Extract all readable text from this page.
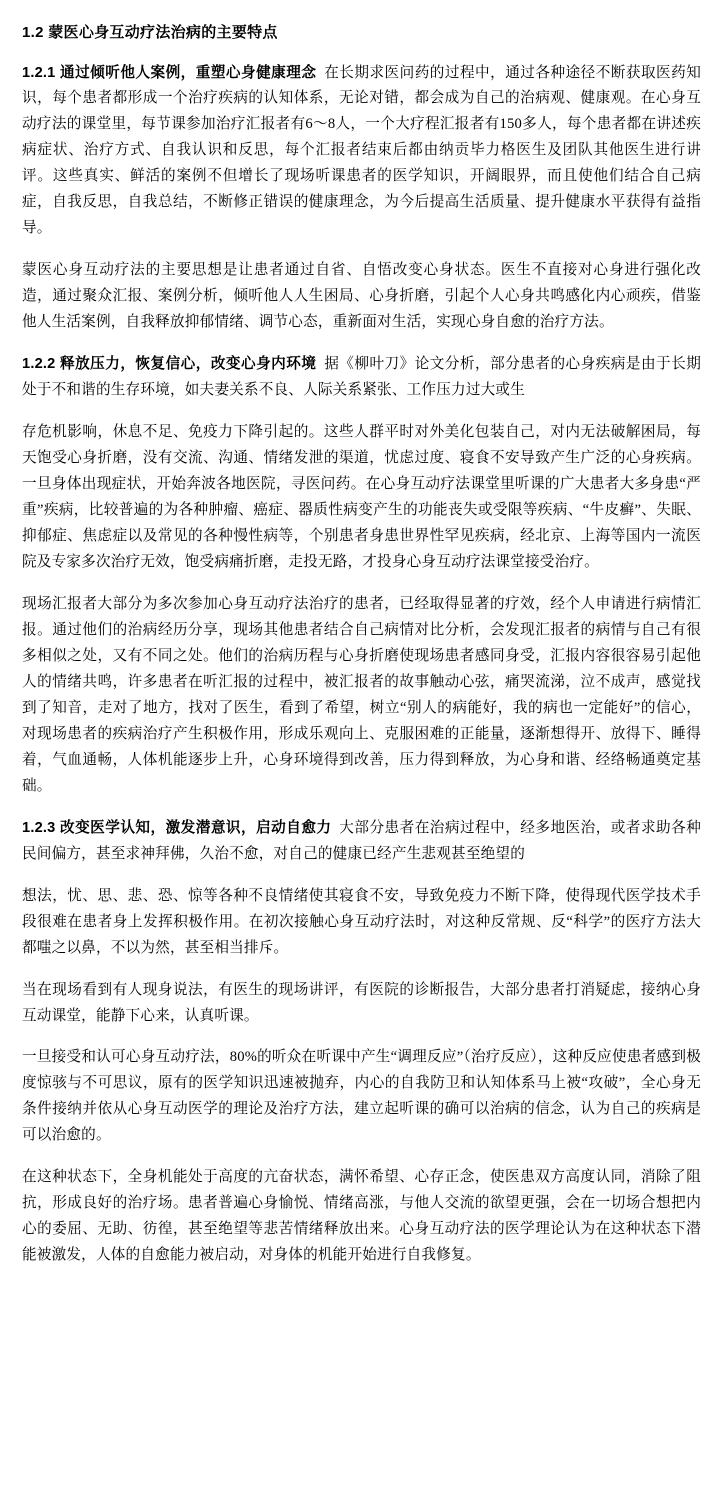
1.2 蒙医心身互动疗法治病的主要特点

1.2.1 通过倾听他人案例，重塑心身健康理念 在长期求医问药的过程中，通过各种途径不断获取医药知识，每个患者都形成一个治疗疾病的认知体系，无论对错，都会成为自己的治病观、健康观。在心身互动疗法的课堂里，每节课参加治疗汇报者有6～8人，一个大疗程汇报者有150多人，每个患者都在讲述疾病症状、治疗方式、自我认识和反思，每个汇报者结束后都由纳贡毕力格医生及团队其他医生进行讲评。这些真实、鲜活的案例不但增长了现场听课患者的医学知识，开阔眼界，而且使他们结合自己病症，自我反思，自我总结，不断修正错误的健康理念，为今后提高生活质量、提升健康水平获得有益指导。

蒙医心身互动疗法的主要思想是让患者通过自省、自悟改变心身状态。医生不直接对心身进行强化改造，通过聚众汇报、案例分析，倾听他人人生困局、心身折磨，引起个人心身共鸣感化内心顽疾，借鉴他人生活案例，自我释放抑郁情绪、调节心态，重新面对生活，实现心身自愈的治疗方法。

1.2.2 释放压力，恢复信心，改变心身内环境 据《柳叶刀》论文分析，部分患者的心身疾病是由于长期处于不和谐的生存环境，如夫妻关系不良、人际关系紧张、工作压力过大或生

存危机影响，休息不足、免疫力下降引起的。这些人群平时对外美化包装自己，对内无法破解困局，每天饱受心身折磨，没有交流、沟通、情绪发泄的渠道，忧虑过度、寝食不安导致产生广泛的心身疾病。一旦身体出现症状，开始奔波各地医院，寻医问药。在心身互动疗法课堂里听课的广大患者大多身患“严重”疾病，比较普遍的为各种肿瘤、癌症、器质性病变产生的功能丧失或受限等疾病、“牛皮癣”、失眠、抑郁症、焦虑症以及常见的各种慢性病等，个别患者身患世界性罕见疾病，经北京、上海等国内一流医院及专家多次治疗无效，饱受病痛折磨，走投无路，才投身心身互动疗法课堂接受治疗。

现场汇报者大部分为多次参加心身互动疗法治疗的患者，已经取得显著的疗效，经个人申请进行病情汇报。通过他们的治病经历分享，现场其他患者结合自己病情对比分析，会发现汇报者的病情与自己有很多相似之处，又有不同之处。他们的治病历程与心身折磨使现场患者感同身受，汇报内容很容易引起他人的情绪共鸣，许多患者在听汇报的过程中，被汇报者的故事触动心弦，痛哭流涕，泣不成声，感觉找到了知音，走对了地方，找对了医生，看到了希望，树立“别人的病能好，我的病也一定能好”的信心，对现场患者的疾病治疗产生积极作用，形成乐观向上、克服困难的正能量，逐渐想得开、放得下、睡得着，气血通畅，人体机能逐步上升，心身环境得到改善，压力得到释放，为心身和谐、经络畅通奠定基础。

1.2.3 改变医学认知，激发潜意识，启动自愈力 大部分患者在治病过程中，经多地医治，或者求助各种民间偏方，甚至求神拜佛，久治不愈，对自己的健康已经产生悲观甚至绝望的

想法，忧、思、悲、恐、惊等各种不良情绪使其寝食不安，导致免疫力不断下降，使得现代医学技术手段很难在患者身上发挥积极作用。在初次接触心身互动疗法时，对这种反常规、反“科学”的医疗方法大都嗤之以鼻，不以为然，甚至相当排斥。

当在现场看到有人现身说法，有医生的现场讲评，有医院的诊断报告，大部分患者打消疑虑，接纳心身互动课堂，能静下心来，认真听课。

一旦接受和认可心身互动疗法，80%的听众在听课中产生“调理反应”（治疗反应），这种反应使患者感到极度惊骇与不可思议，原有的医学知识迅速被抛弃，内心的自我防卫和认知体系马上被“攻破”，全心身无条件接纳并依从心身互动医学的理论及治疗方法，建立起听课的确可以治病的信念，认为自己的疾病是可以治愈的。

在这种状态下，全身机能处于高度的亢奋状态，满怀希望、心存正念，使医患双方高度认同，消除了阻抗，形成良好的治疗场。患者普遍心身愉悦、情绪高涨，与他人交流的欲望更强，会在一切场合想把内心的委屈、无助、彷徨，甚至绝望等悲苦情绪释放出来。心身互动疗法的医学理论认为在这种状态下潜能被激发，人体的自愈能力被启动，对身体的机能开始进行自我修复。
